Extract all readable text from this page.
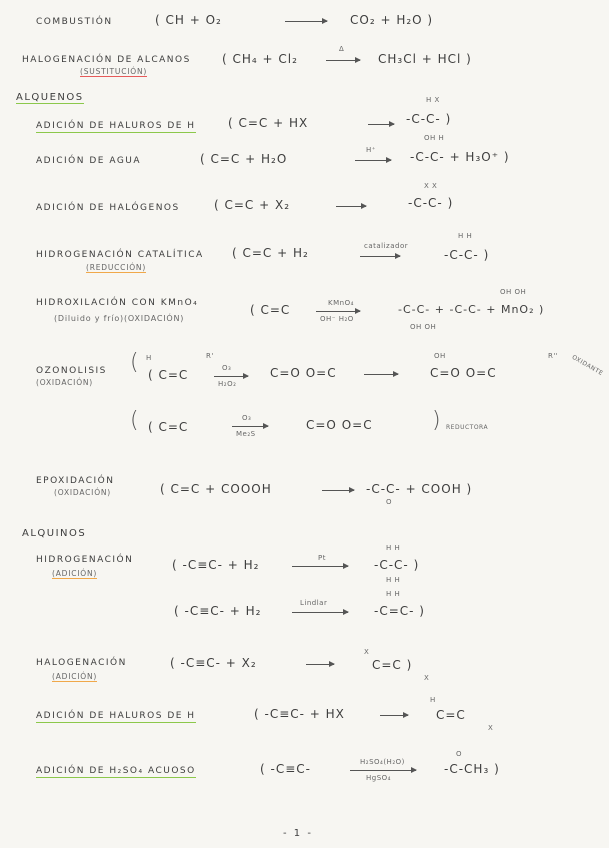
COMBUSTIÓN	( CH + O₂	→ CO₂ + H₂O )
HALOGENACIÓN DE ALCANOS
(SUSTITUCIÓN)
( CH₄ + Cl₂
Δ
→ CH₃Cl + HCl )
ALQUENOS
ADICIÓN DE HALUROS DE H	( C=C + HX
H X
-C-C- )
ADICIÓN DE AGUA	( C=C + H₂O
H⁺
OH H
-C-C- + H₃O⁺ )
ADICIÓN DE HALÓGENOS	( C=C + X₂
X X
-C-C- )
HIDROGENACIÓN CATALÍTICA
(REDUCCIÓN)
( C=C + H₂	catalizador
H H
-C-C- )
HIDROXILACIÓN CON KMnO₄
(Diluido y frío)(OXIDACIÓN)
( C=C	KMnO₄
OH⁻ H₂O
OH OH
-C-C- + -C-C- + MnO₂ )
OH OH
OZONOLISIS
(OXIDACIÓN)
( H
( C=C
R'
O₃
H₂O₂
C=O O=C
OH
C=O O=C
R'' OXIDANTE
( ( C=C
O₃
Me₂S
C=O O=C	) REDUCTORA
EPOXIDACIÓN
(OXIDACIÓN)	( C=C + COOOH	→ -C-C- + COOH )
O
ALQUINOS
HIDROGENACIÓN
(ADICIÓN)
( -C≡C- + H₂	Pt
H H
-C-C- )
H H
( -C≡C- + H₂
Lindlar
H H
-C=C- )
HALOGENACIÓN
(ADICIÓN)
( -C≡C- + X₂
X
C=C )
X
ADICIÓN DE HALUROS DE H	( -C≡C- + HX
H
C=C
X
ADICIÓN DE H₂SO₄ ACUOSO	( -C≡C-	H₂SO₄(H₂O)
HgSO₄
O
-C-CH₃ )
- 1 -
